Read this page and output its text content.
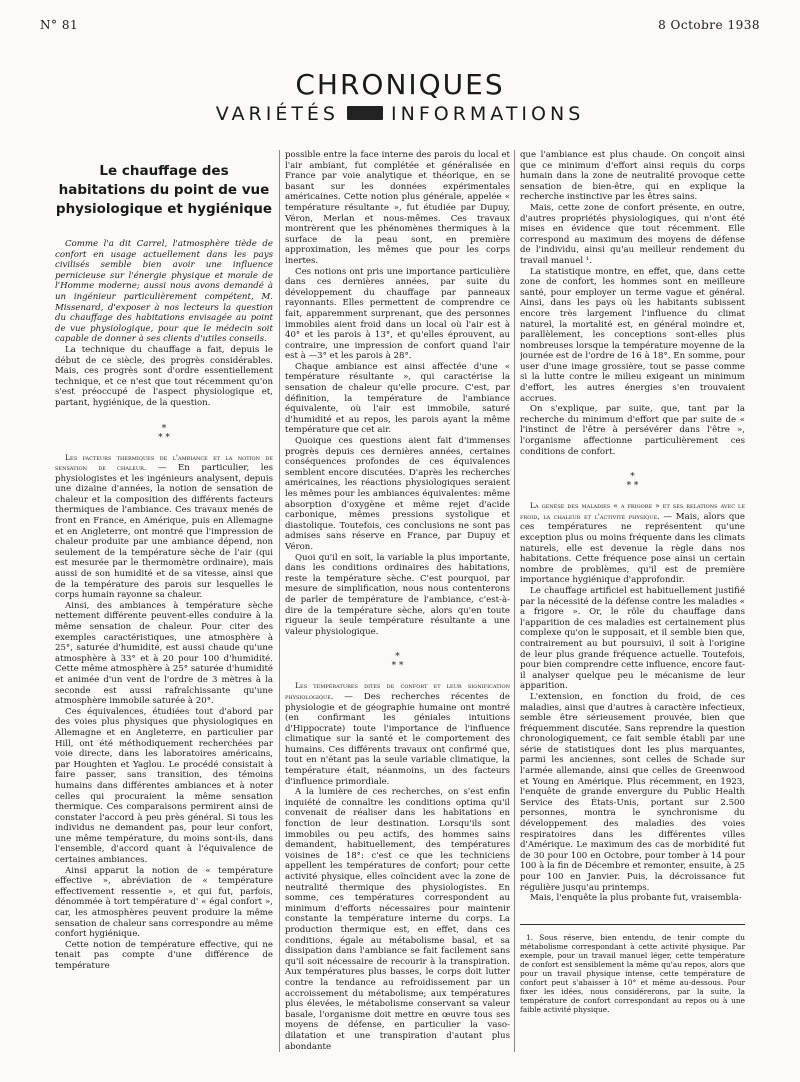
N° 81	8 Octobre 1938
CHRONIQUES
VARIÉTÉS	INFORMATIONS
Le chauffage des habitations du point de vue physiologique et hygiénique

Comme l'a dit Carrel, l'atmosphère tiède de confort en usage actuellement dans les pays civilisés semble bien avoir une influence pernicieuse sur l'énergie physique et morale de l'Homme moderne; aussi nous avons demandé à un ingénieur particulièrement compétent, M. Missenard, d'exposer à nos lecteurs la question du chauffage des habitations envisagée au point de vue physiologique, pour que le médecin soit capable de donner à ses clients d'utiles conseils.

La technique du chauffage a fait, depuis le début de ce siècle, des progrès considérables. Mais, ces progrès sont d'ordre essentiellement technique, et ce n'est que tout récemment qu'on s'est préoccupé de l'aspect physiologique et, partant, hygiénique, de la question.

*
* *

Les facteurs thermiques de l'ambiance et la notion de sensation de chaleur. — En particulier, les physiologistes et les ingénieurs analysent, depuis une dizaine d'années, la notion de sensation de chaleur et la composition des différents facteurs thermiques de l'ambiance. Ces travaux menés de front en France, en Amérique, puis en Allemagne et en Angleterre, ont montré que l'impression de chaleur produite par une ambiance dépend, non seulement de la température sèche de l'air (qui est mesurée par le thermomètre ordinaire), mais aussi de son humidité et de sa vitesse, ainsi que de la température des parois sur lesquelles le corps humain rayonne sa chaleur.

Ainsi, des ambiances à température sèche nettement différente peuvent-elles conduire à la même sensation de chaleur. Pour citer des exemples caractéristiques, une atmosphère à 25°, saturée d'humidité, est aussi chaude qu'une atmosphère à 33° et à 20 pour 100 d'humidité. Cette même atmosphère à 25° saturée d'humidité et animée d'un vent de l'ordre de 3 mètres à la seconde est aussi rafraîchissante qu'une atmosphère immobile saturée à 20°.

Ces équivalences, étudiées tout d'abord par des voies plus physiques que physiologiques en Allemagne et en Angleterre, en particulier par Hill, ont été méthodiquement recherchées par voie directe, dans les laboratoires américains, par Houghten et Yaglou. Le procédé consistait à faire passer, sans transition, des témoins humains dans différentes ambiances et à noter celles qui procuraient la même sensation thermique. Ces comparaisons permirent ainsi de constater l'accord à peu près général. Si tous les individus ne demandent pas, pour leur confort, une même température, du moins sont-ils, dans l'ensemble, d'accord quant à l'équivalence de certaines ambiances.

Ainsi apparut la notion de « température effective », abréviation de « température effectivement ressentie », et qui fut, parfois, dénommée à tort température d' « égal confort », car, les atmosphères peuvent produire la même sensation de chaleur sans correspondre au même confort hygiénique.

Cette notion de température effective, qui ne tenait pas compte d'une différence de température

possible entre la face interne des parois du local et l'air ambiant, fut complétée et généralisée en France par voie analytique et théorique, en se basant sur les données expérimentales américaines. Cette notion plus générale, appelée « température résultante », fut étudiée par Dupuy, Véron, Merlan et nous-mêmes. Ces travaux montrèrent que les phénomènes thermiques à la surface de la peau sont, en première approximation, les mêmes que pour les corps inertes.

Ces notions ont pris une importance particulière dans ces dernières années, par suite du développement du chauffage par panneaux rayonnants. Elles permettent de comprendre ce fait, apparemment surprenant, que des personnes immobiles aient froid dans un local où l'air est à 40° et les parois à 13°, et qu'elles éprouvent, au contraire, une impression de confort quand l'air est à —3° et les parois à 28°.

Chaque ambiance est ainsi affectée d'une « température résultante », qui caractérise la sensation de chaleur qu'elle procure. C'est, par définition, la température de l'ambiance équivalente, où l'air est immobile, saturé d'humidité et au repos, les parois ayant la même température que cet air.

Quoique ces questions aient fait d'immenses progrès depuis ces dernières années, certaines conséquences profondes de ces équivalences semblent encore discutées. D'après les recherches américaines, les réactions physiologiques seraient les mêmes pour les ambiances équivalentes: même absorption d'oxygène et même rejet d'acide carbonique, mêmes pressions systolique et diastolique. Toutefois, ces conclusions ne sont pas admises sans réserve en France, par Dupuy et Véron.

Quoi qu'il en soit, la variable la plus importante, dans les conditions ordinaires des habitations, reste la température sèche. C'est pourquoi, par mesure de simplification, nous nous contenterons de parler de température de l'ambiance, c'est-à-dire de la température sèche, alors qu'en toute rigueur la seule température résultante a une valeur physiologique.

*
* *

Les températures dites de confort et leur signification physiologique. — Des recherches récentes de physiologie et de géographie humaine ont montré (en confirmant les géniales intuitions d'Hippocrate) toute l'importance de l'influence climatique sur la santé et le comportement des humains. Ces différents travaux ont confirmé que, tout en n'étant pas la seule variable climatique, la température était, néanmoins, un des facteurs d'influence primordiale.

A la lumière de ces recherches, on s'est enfin inquiété de connaître les conditions optima qu'il convenait de réaliser dans les habitations en fonction de leur destination. Lorsqu'ils sont immobiles ou peu actifs, des hommes sains demandent, habituellement, des températures voisines de 18°: c'est ce que les techniciens appellent les températures de confort; pour cette activité physique, elles coïncident avec la zone de neutralité thermique des physiologistes. En somme, ces températures correspondent au minimum d'efforts nécessaires pour maintenir constante la température interne du corps. La production thermique est, en effet, dans ces conditions, égale au métabolisme basal, et sa dissipation dans l'ambiance se fait facilement sans qu'il soit nécessaire de recourir à la transpiration. Aux températures plus basses, le corps doit lutter contre la tendance au refroidissement par un accroissement du métabolisme; aux températures plus élevées, le métabolisme conservant sa valeur basale, l'organisme doit mettre en œuvre tous ses moyens de défense, en particulier la vaso-dilatation et une transpiration d'autant plus abondante

que l'ambiance est plus chaude. On conçoit ainsi que ce minimum d'effort ainsi requis du corps humain dans la zone de neutralité provoque cette sensation de bien-être, qui en explique la recherche instinctive par les êtres sains.

Mais, cette zone de confort présente, en outre, d'autres propriétés physiologiques, qui n'ont été mises en évidence que tout récemment. Elle correspond au maximum des moyens de défense de l'individu, ainsi qu'au meilleur rendement du travail manuel ¹.

La statistique montre, en effet, que, dans cette zone de confort, les hommes sont en meilleure santé, pour employer un terme vague et général. Ainsi, dans les pays où les habitants subissent encore très largement l'influence du climat naturel, la mortalité est, en général moindre et, parallèlement, les conceptions sont-elles plus nombreuses lorsque la température moyenne de la journée est de l'ordre de 16 à 18°. En somme, pour user d'une image grossière, tout se passe comme si la lutte contre le milieu exigeant un minimum d'effort, les autres énergies s'en trouvaient accrues.

On s'explique, par suite, que, tant par la recherche du minimum d'effort que par suite de « l'instinct de l'être à persévérer dans l'être », l'organisme affectionne particulièrement ces conditions de confort.

*
* *

La genèse des maladies « a frigore » et ses relations avec le froid, la chaleur et l'activité physique. — Mais, alors que ces températures ne représentent qu'une exception plus ou moins fréquente dans les climats naturels, elle est devenue la règle dans nos habitations. Cette fréquence pose ainsi un certain nombre de problèmes, qu'il est de première importance hygiénique d'approfondir.

Le chauffage artificiel est habituellement justifié par la nécessité de la défense contre les maladies « a frigore ». Or, le rôle du chauffage dans l'apparition de ces maladies est certainement plus complexe qu'on le supposait, et il semble bien que, contrairement au but poursuivi, il soit à l'origine de leur plus grande fréquence actuelle. Toutefois, pour bien comprendre cette influence, encore faut-il analyser quelque peu le mécanisme de leur apparition.

L'extension, en fonction du froid, de ces maladies, ainsi que d'autres à caractère infectieux, semble être sérieusement prouvée, bien que fréquemment discutée. Sans reprendre la question chronologiquement, ce fait semble établi par une série de statistiques dont les plus marquantes, parmi les anciennes, sont celles de Schade sur l'armée allemande, ainsi que celles de Greenwood et Young en Amérique. Plus récemment, en 1923, l'enquête de grande envergure du Public Health Service des États-Unis, portant sur 2.500 personnes, montra le synchronisme du développement des maladies des voies respiratoires dans les différentes villes d'Amérique. Le maximum des cas de morbidité fut de 30 pour 100 en Octobre, pour tomber à 14 pour 100 à la fin de Décembre et remonter, ensuite, à 25 pour 100 en Janvier. Puis, la décroissance fut régulière jusqu'au printemps.

Mais, l'enquête la plus probante fut, vraisembla-

1. Sous réserve, bien entendu, de tenir compte du métabolisme correspondant à cette activité physique. Par exemple, pour un travail manuel léger, cette température de confort est sensiblement la même qu'au repos, alors que pour un travail physique intense, cette température de confort peut s'abaisser à 10° et même au-dessous. Pour fixer les idées, nous considérerons, par la suite, la température de confort correspondant au repos ou à une faible activité physique.
